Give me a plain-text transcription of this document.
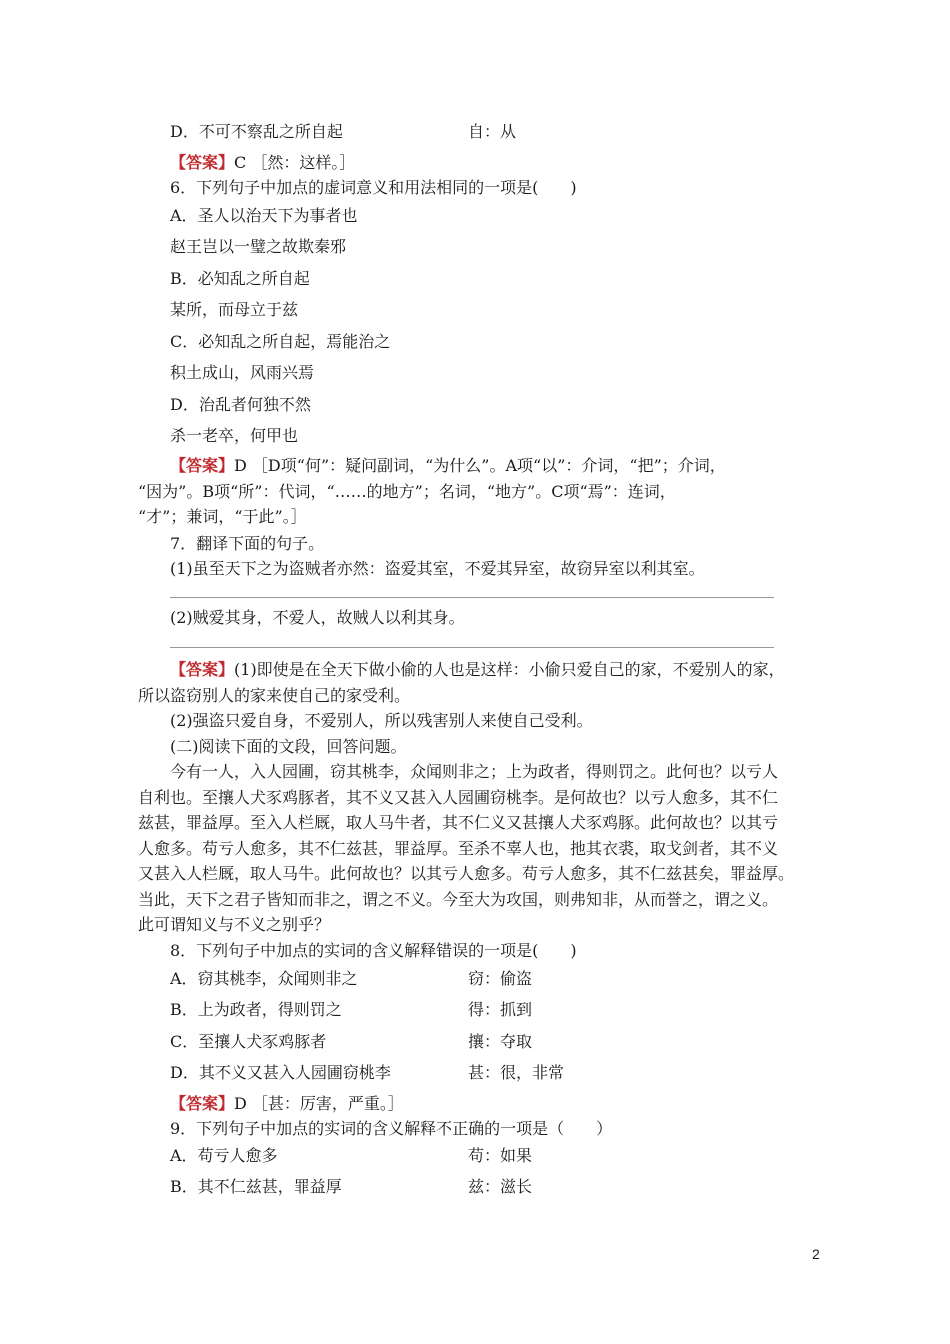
D．不可不察乱之所自起	自：从
【答案】C ［然：这样。］
6．下列句子中加点的虚词意义和用法相同的一项是(　　)
A．圣人以治天下为事者也
赵王岂以一璧之故欺秦邪
B．必知乱之所自起
某所，而母立于兹
C．必知乱之所自起，焉能治之
积土成山，风雨兴焉
D．治乱者何独不然
杀一老卒，何甲也
【答案】D ［D项“何”：疑问副词，“为什么”。A项“以”：介词，“把”；介词，
“因为”。B项“所”：代词，“……的地方”；名词，“地方”。C项“焉”：连词，
“才”；兼词，“于此”。］
7．翻译下面的句子。
(1)虽至天下之为盗贼者亦然：盗爱其室，不爱其异室，故窃异室以利其室。
(2)贼爱其身，不爱人，故贼人以利其身。
【答案】(1)即使是在全天下做小偷的人也是这样：小偷只爱自己的家，不爱别人的家，
所以盗窃别人的家来使自己的家受利。
(2)强盗只爱自身，不爱别人，所以残害别人来使自己受利。
(二)阅读下面的文段，回答问题。
今有一人，入人园圃，窃其桃李，众闻则非之；上为政者，得则罚之。此何也？以亏人
自利也。至攘人犬豕鸡豚者，其不义又甚入人园圃窃桃李。是何故也？以亏人愈多，其不仁
兹甚，罪益厚。至入人栏厩，取人马牛者，其不仁义又甚攘人犬豕鸡豚。此何故也？以其亏
人愈多。苟亏人愈多，其不仁兹甚，罪益厚。至杀不辜人也，扡其衣裘，取戈剑者，其不义
又甚入人栏厩，取人马牛。此何故也？以其亏人愈多。苟亏人愈多，其不仁兹甚矣，罪益厚。
当此，天下之君子皆知而非之，谓之不义。今至大为攻国，则弗知非，从而誉之，谓之义。
此可谓知义与不义之别乎？
8．下列句子中加点的实词的含义解释错误的一项是(　　)
A．窃其桃李，众闻则非之	窃：偷盗
B．上为政者，得则罚之	得：抓到
C．至攘人犬豕鸡豚者	攘：夺取
D．其不义又甚入人园圃窃桃李	甚：很，非常
【答案】D ［甚：厉害，严重。］
9．下列句子中加点的实词的含义解释不正确的一项是（　　）
A．苟亏人愈多	苟：如果
B．其不仁兹甚，罪益厚	兹：滋长
2
